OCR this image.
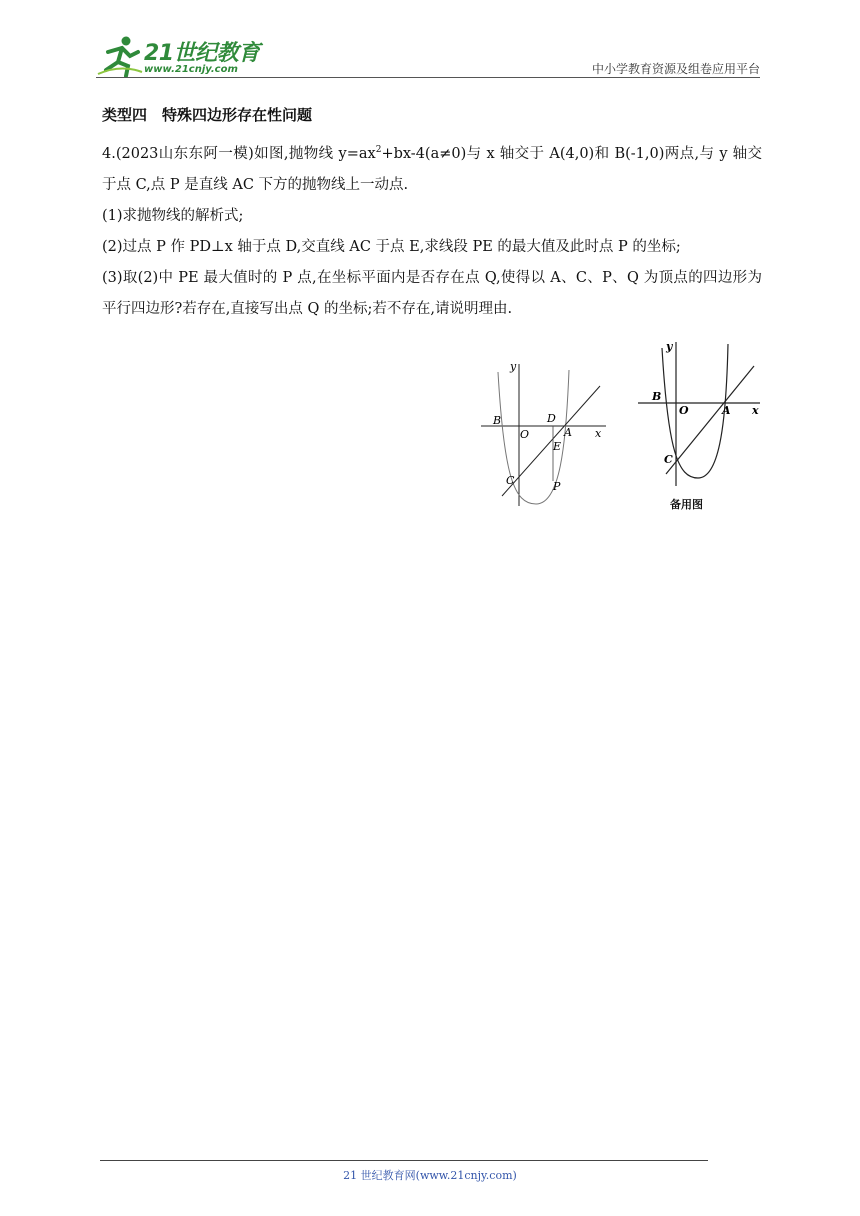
21世纪教育
www.21cnjy.com	中小学教育资源及组卷应用平台
类型四　特殊四边形存在性问题

4.(2023山东东阿一模)如图,抛物线 $y=ax^2+bx-4(a\ne 0)$与 x 轴交于 A(4,0)和 B(-1,0)两点,与 y 轴交于点 C,点 P 是直线 AC 下方的抛物线上一动点.

(1)求抛物线的解析式;

(2)过点 P 作 PD⊥x 轴于点 D,交直线 AC 于点 E,求线段 PE 的最大值及此时点 P 的坐标;

(3)取(2)中 PE 最大值时的 P 点,在坐标平面内是否存在点 Q,使得以 A、C、P、Q 为顶点的四边形为平行四边形?若存在,直接写出点 Q 的坐标;若不存在,请说明理由.

B
O
D
A
E
C	P
x
y
B
O	A
C
x
y
备用图
21 世纪教育网(www.21cnjy.com)
